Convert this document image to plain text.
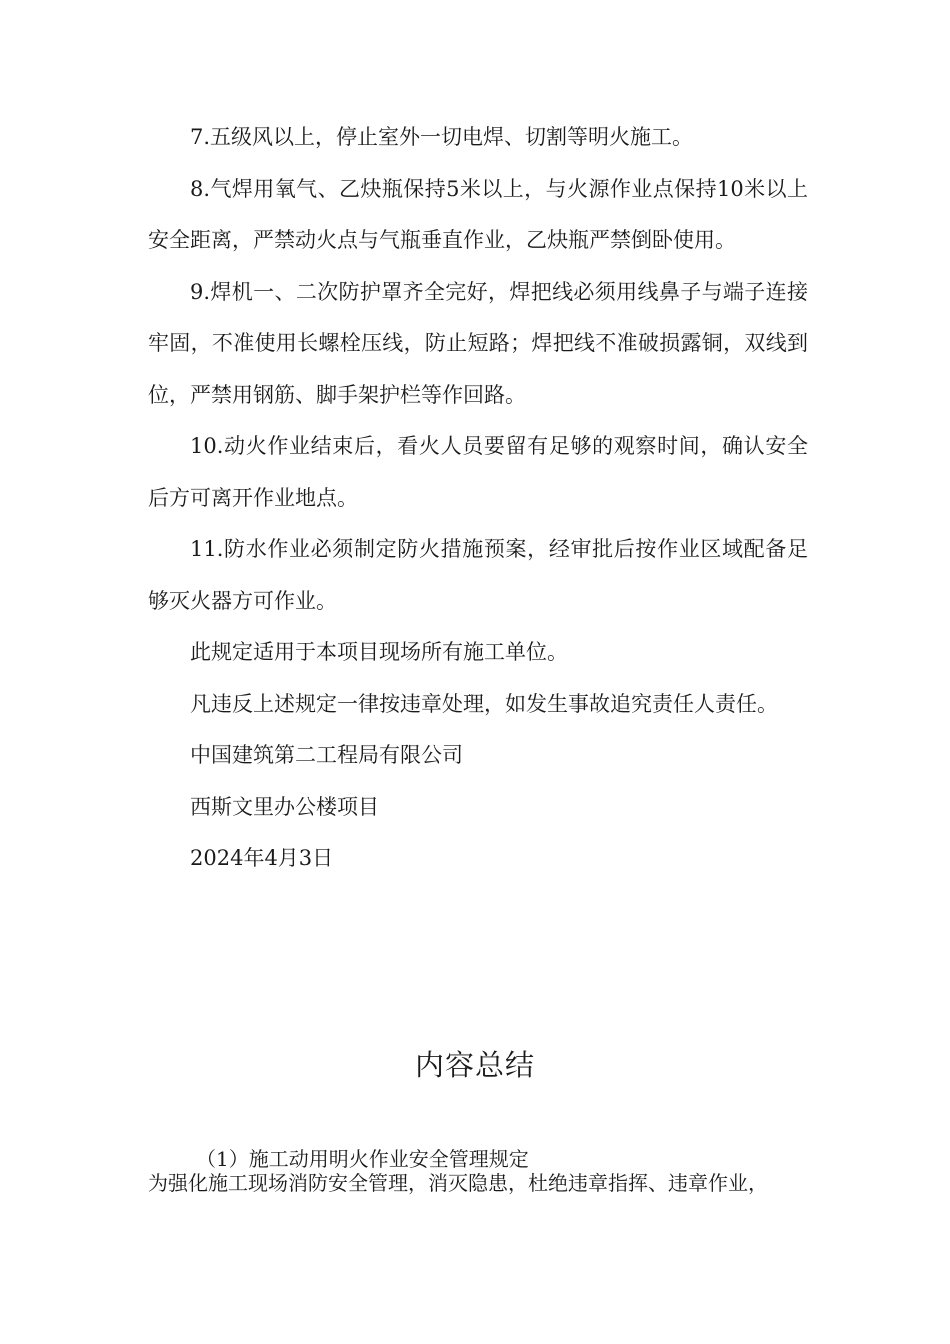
7.五级风以上，停止室外一切电焊、切割等明火施工。

8.气焊用氧气、乙炔瓶保持5米以上，与火源作业点保持10米以上安全距离，严禁动火点与气瓶垂直作业，乙炔瓶严禁倒卧使用。

9.焊机一、二次防护罩齐全完好，焊把线必须用线鼻子与端子连接牢固，不准使用长螺栓压线，防止短路；焊把线不准破损露铜，双线到位，严禁用钢筋、脚手架护栏等作回路。

10.动火作业结束后，看火人员要留有足够的观察时间，确认安全后方可离开作业地点。

11.防水作业必须制定防火措施预案，经审批后按作业区域配备足够灭火器方可作业。

此规定适用于本项目现场所有施工单位。

凡违反上述规定一律按违章处理，如发生事故追究责任人责任。

中国建筑第二工程局有限公司

西斯文里办公楼项目

2024年4月3日

内容总结
（1）施工动用明火作业安全管理规定
为强化施工现场消防安全管理，消灭隐患，杜绝违章指挥、违章作业，
